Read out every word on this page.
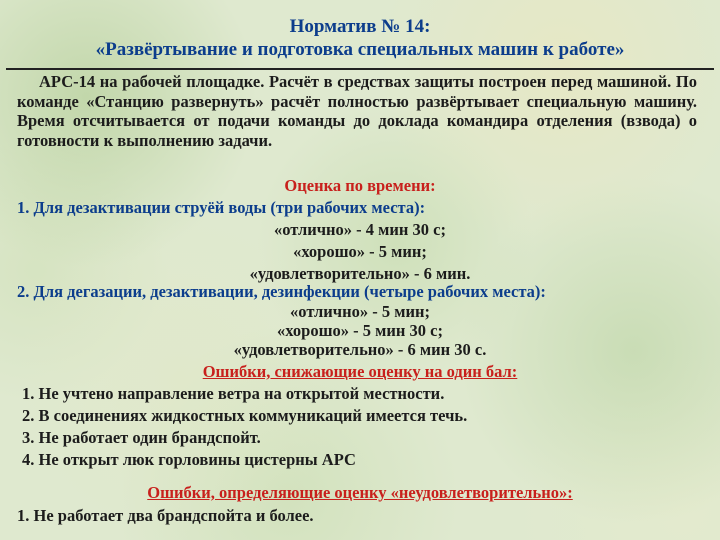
Норматив № 14:
«Развёртывание и подготовка специальных машин к работе»
АРС-14 на рабочей площадке. Расчёт в средствах защиты построен перед машиной. По команде «Станцию развернуть» расчёт полностью развёртывает специальную машину. Время отсчитывается от подачи команды до доклада командира отделения (взвода) о готовности к выполнению задачи.
Оценка по времени:
1. Для дезактивации струёй воды (три рабочих места):
«отлично» - 4 мин 30 с;
«хорошо» - 5 мин;
«удовлетворительно» - 6 мин.
2. Для дегазации, дезактивации, дезинфекции (четыре рабочих места):
«отлично» - 5 мин;
«хорошо» - 5 мин 30 с;
«удовлетворительно» - 6 мин 30 с.
Ошибки, снижающие оценку на один бал:
1. Не учтено направление ветра на открытой местности.
2. В соединениях жидкостных коммуникаций имеется течь.
3. Не работает один брандспойт.
4. Не открыт люк горловины цистерны АРС
Ошибки, определяющие оценку «неудовлетворительно»:
1. Не работает два брандспойта и более.
